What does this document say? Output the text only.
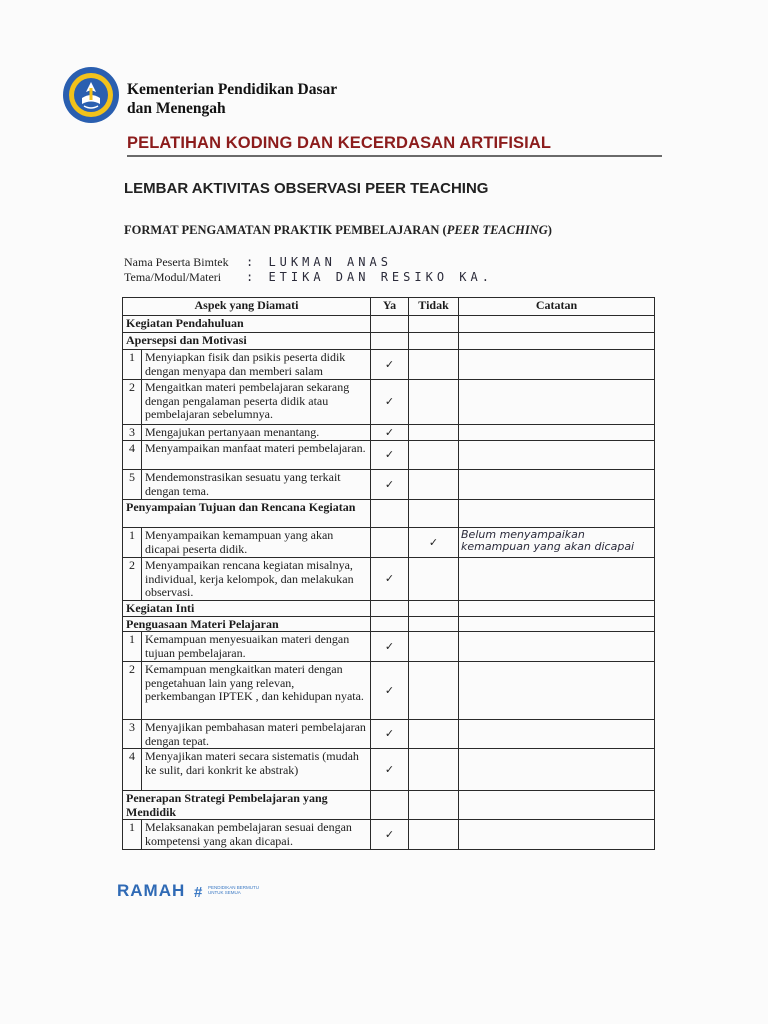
Kementerian Pendidikan Dasar
dan Menengah
PELATIHAN KODING DAN KECERDASAN ARTIFISIAL
LEMBAR AKTIVITAS OBSERVASI PEER TEACHING
FORMAT PENGAMATAN PRAKTIK PEMBELAJARAN (PEER TEACHING)
Nama Peserta Bimtek : LUKMAN ANAS
Tema/Modul/Materi : ETIKA DAN RESIKO KA.
Aspek yang Diamati		Ya	Tidak	Catatan
Kegiatan Pendahuluan				
Apersepsi dan Motivasi				
1	Menyiapkan fisik dan psikis peserta didik dengan menyapa dan memberi salam	✓		
2	Mengaitkan materi pembelajaran sekarang dengan pengalaman peserta didik atau pembelajaran sebelumnya.	✓		
3	Mengajukan pertanyaan menantang.	✓		
4	Menyampaikan manfaat materi pembelajaran.	✓		
5	Mendemonstrasikan sesuatu yang terkait dengan tema.	✓		
Penyampaian Tujuan dan Rencana Kegiatan				
1	Menyampaikan kemampuan yang akan dicapai peserta didik.		✓	Belum menyampaikan kemampuan yang akan dicapai
2	Menyampaikan rencana kegiatan misalnya, individual, kerja kelompok, dan melakukan observasi.	✓		
Kegiatan Inti				
Penguasaan Materi Pelajaran				
1	Kemampuan menyesuaikan materi dengan tujuan pembelajaran.	✓		
2	Kemampuan mengkaitkan materi dengan pengetahuan lain yang relevan, perkembangan IPTEK , dan kehidupan nyata.	✓		
3	Menyajikan pembahasan materi pembelajaran dengan tepat.	✓		
4	Menyajikan materi secara sistematis (mudah ke sulit, dari konkrit ke abstrak)	✓		
Penerapan Strategi Pembelajaran yang Mendidik				
1	Melaksanakan pembelajaran sesuai dengan kompetensi yang akan dicapai.	✓		
RAMAH # PENDIDIKAN BERMUTU UNTUK SEMUA
